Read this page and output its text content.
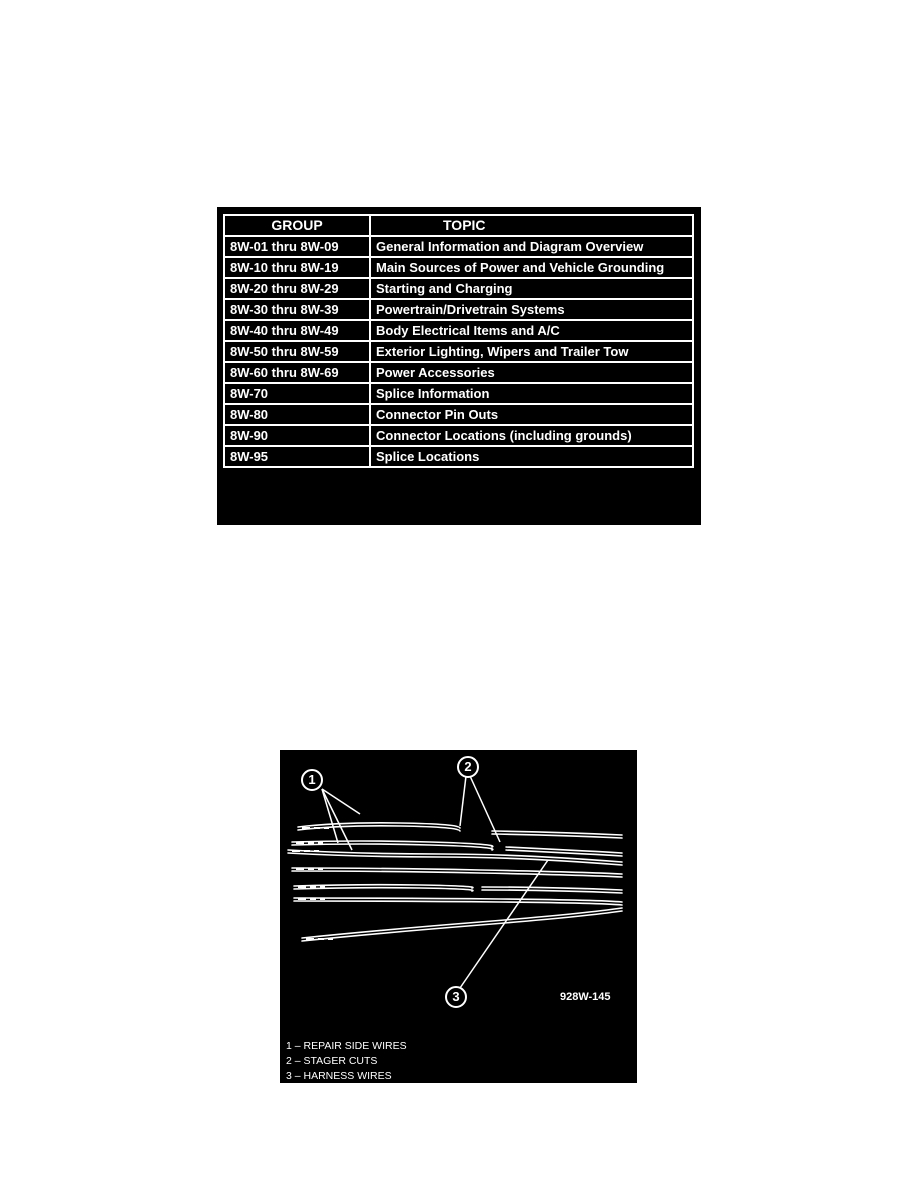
GROUP	TOPIC
8W-01 thru 8W-09	General Information and Diagram Overview
8W-10 thru 8W-19	Main Sources of Power and Vehicle Grounding
8W-20 thru 8W-29	Starting and Charging
8W-30 thru 8W-39	Powertrain/Drivetrain Systems
8W-40 thru 8W-49	Body Electrical Items and A/C
8W-50 thru 8W-59	Exterior Lighting, Wipers and Trailer Tow
8W-60 thru 8W-69	Power Accessories
8W-70	Splice Information
8W-80	Connector Pin Outs
8W-90	Connector Locations (including grounds)
8W-95	Splice Locations
1
2
3	928W-145
1 – REPAIR SIDE WIRES
2 – STAGER CUTS
3 – HARNESS WIRES
